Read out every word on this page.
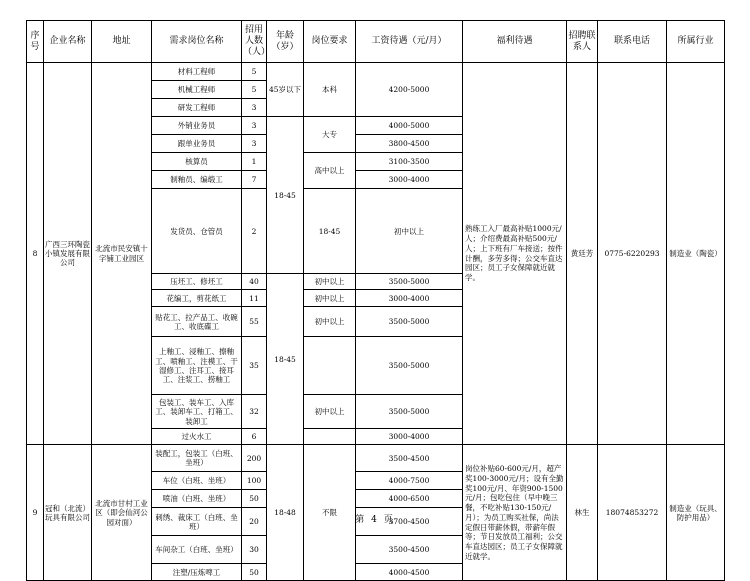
序号	企业名称	地址	需求岗位名称	招用人数（人）	年龄（岁）	岗位要求	工资待遇（元/月）	福利待遇	招聘联系人	联系电话	所属行业	
8	广西三环陶瓷小镇发展有限公司	北流市民安镇十字铺工业园区	材料工程师	5	45岁以下	本科	4200-5000	熟练工入厂最高补贴1000元/人；介绍费最高补贴500元/人；上下班有厂车接送；按件计酬，多劳多得；公交车直达园区；员工子女保障就近就学。	黄廷芳	0775-6220293	制造业（陶瓷）	
			机械工程师	5								
			研发工程师	3								
			外销业务员	3	18-45	大专	4000-5000					
			跟单业务员	3			3800-4500					
			核算员	1		高中以上	3100-3500					
			制釉员、编缎工	7			3000-4000					
			发货员、仓管员	2		18-45	初中以上	
			压坯工、修坯工	40	18-45	初中以上	3500-5000					
			花编工，剪花纸工	11		初中以上	3000-4000					
			贴花工、拉产品工、收碗工、收底碟工	55		初中以上	3500-5000					
			上釉工、浸釉工、擦釉工、喷釉工、注模工、干湿修工、注耳工、接耳工、注浆工、捞釉工	35			3500-5000					
			包装工、装车工、入库工、装卸车工、打箱工、装卸工	32		初中以上	3500-5000					
			过火水工	6			3000-4000					
9	冠和（北流）玩具有限公司	北流市甘村工业区（即会仙河公园对面）	装配工，包装工（白班、坐班）	200	18-48	不限	3500-4500	岗位补贴60-600元/月，超产奖100-3000元/月；设有全勤奖100元/月、年资900-1500元/月；包吃包住（早中晚三餐，不吃补贴130-150元/月）；为员工购买社保，尚法定假日带薪休假，带薪年假等；节日发放员工福利；公交车直达园区；员工子女保障就近就学。	林生	18074853272	制造业（玩具、防护用品）	
			车位（白班、坐班）	100			4000-7500					
			喷油（白班、坐班）	50			4000-6500					
			刺绣、裁床工（白班、坐班）	20			3700-4500					
			车间杂工（白班、坐班）	30			3500-4500					
			注塑/压炼啤工	50			4000-4500					
第 4 页
